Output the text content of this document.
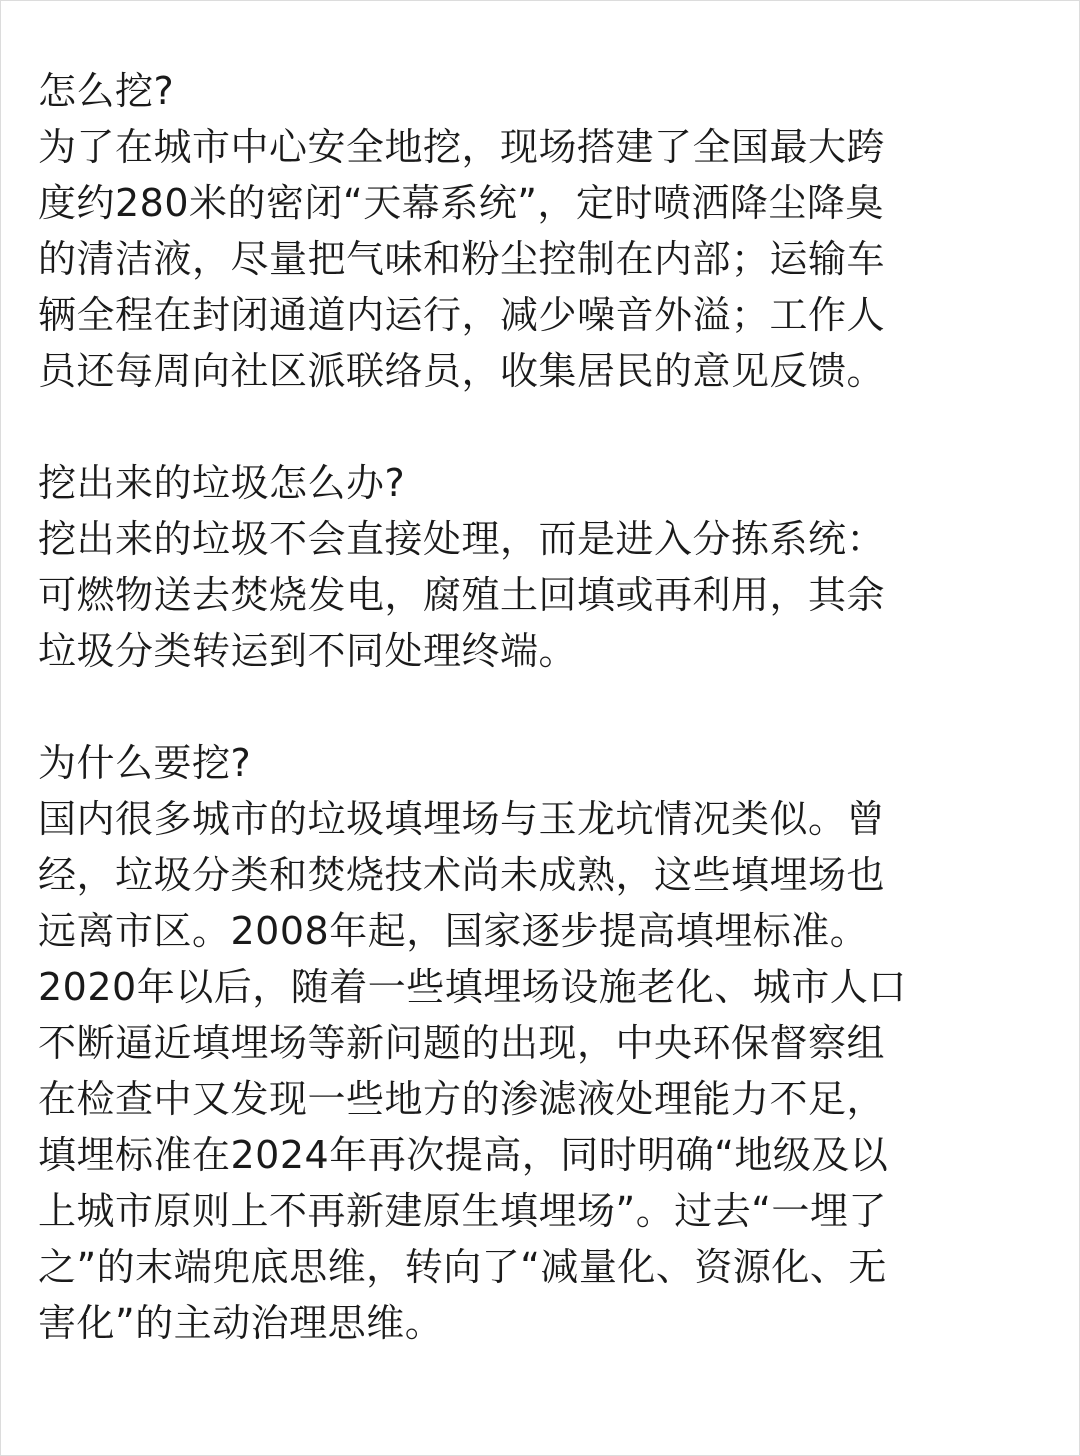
怎么挖?
为了在城市中心安全地挖，现场搭建了全国最大跨
度约280米的密闭“天幕系统”，定时喷洒降尘降臭
的清洁液，尽量把气味和粉尘控制在内部；运输车
辆全程在封闭通道内运行，减少噪音外溢；工作人
员还每周向社区派联络员，收集居民的意见反馈。
挖出来的垃圾怎么办?
挖出来的垃圾不会直接处理，而是进入分拣系统：
可燃物送去焚烧发电，腐殖土回填或再利用，其余
垃圾分类转运到不同处理终端。
为什么要挖?
国内很多城市的垃圾填埋场与玉龙坑情况类似。曾
经，垃圾分类和焚烧技术尚未成熟，这些填埋场也
远离市区。2008年起，国家逐步提高填埋标准。
2020年以后，随着一些填埋场设施老化、城市人口
不断逼近填埋场等新问题的出现，中央环保督察组
在检查中又发现一些地方的渗滤液处理能力不足，
填埋标准在2024年再次提高，同时明确“地级及以
上城市原则上不再新建原生填埋场”。过去“一埋了
之”的末端兜底思维，转向了“减量化、资源化、无
害化”的主动治理思维。
